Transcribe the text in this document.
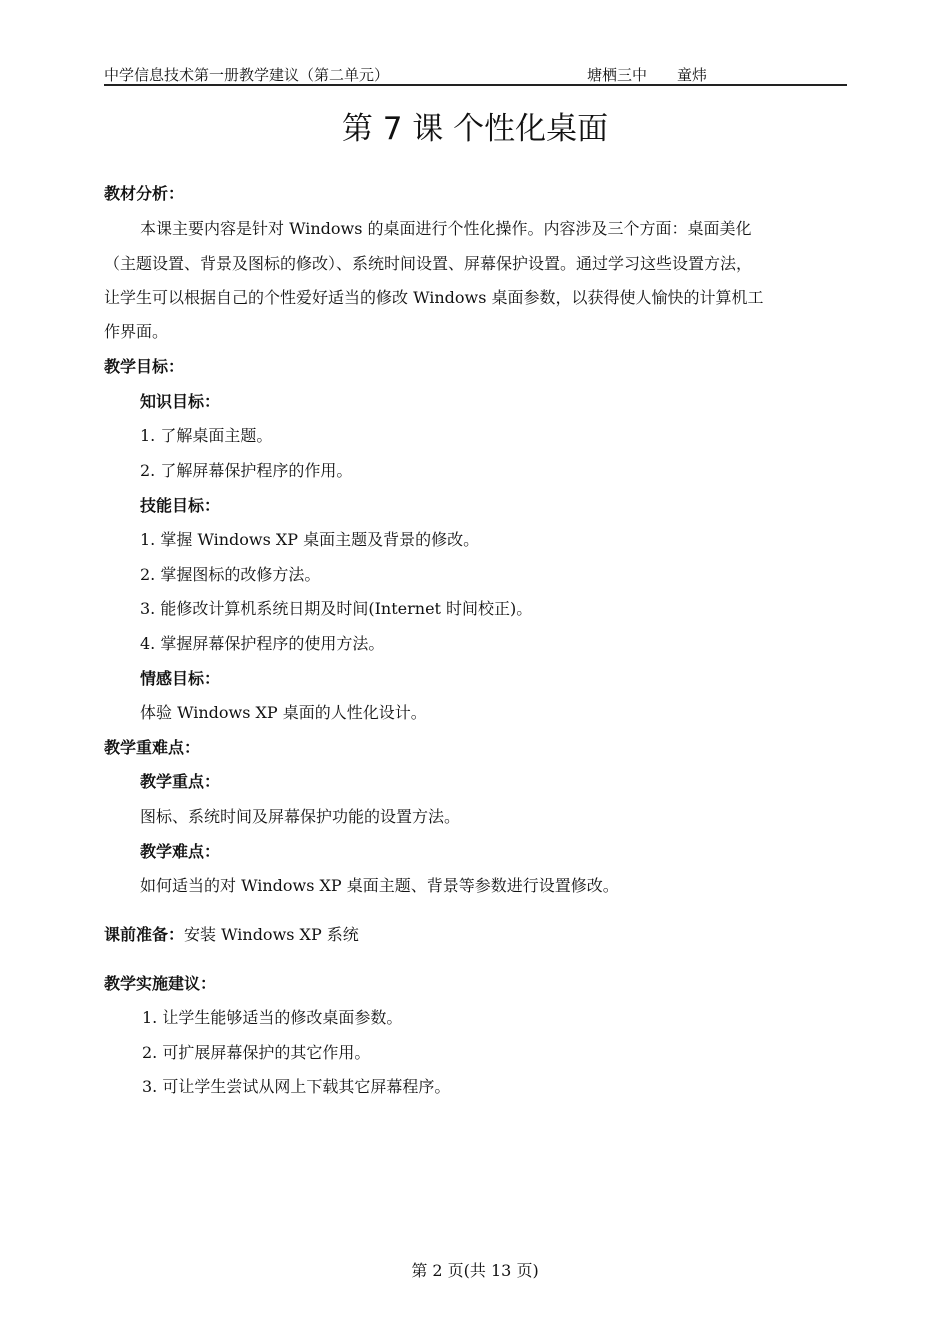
中学信息技术第一册教学建议（第二单元）	塘栖三中 童炜
第 7 课 个性化桌面
教材分析：
本课主要内容是针对 Windows 的桌面进行个性化操作。内容涉及三个方面：桌面美化
（主题设置、背景及图标的修改）、系统时间设置、屏幕保护设置。通过学习这些设置方法，
让学生可以根据自己的个性爱好适当的修改 Windows 桌面参数，以获得使人愉快的计算机工
作界面。
教学目标：
知识目标：
1. 了解桌面主题。
2. 了解屏幕保护程序的作用。
技能目标：
1. 掌握 Windows XP 桌面主题及背景的修改。
2. 掌握图标的改修方法。
3. 能修改计算机系统日期及时间(Internet 时间校正)。
4. 掌握屏幕保护程序的使用方法。
情感目标：
体验 Windows XP 桌面的人性化设计。
教学重难点：
教学重点：
图标、系统时间及屏幕保护功能的设置方法。
教学难点：
如何适当的对 Windows XP 桌面主题、背景等参数进行设置修改。
课前准备：安装 Windows XP 系统
教学实施建议：
1. 让学生能够适当的修改桌面参数。
2. 可扩展屏幕保护的其它作用。
3. 可让学生尝试从网上下载其它屏幕程序。
第 2 页(共 13 页)
